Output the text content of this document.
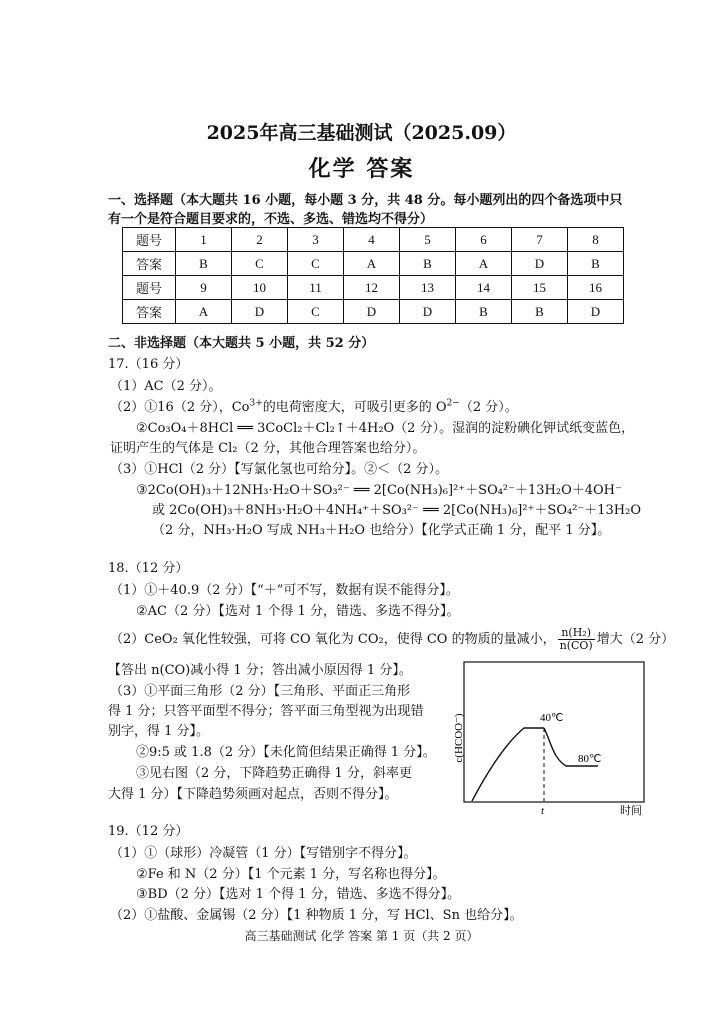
2025年高三基础测试（2025.09）
化学 答案
一、选择题（本大题共 16 小题，每小题 3 分，共 48 分。每小题列出的四个备选项中只
有一个是符合题目要求的，不选、多选、错选均不得分）
题号	1	2	3	4	5	6	7	8
答案	B	C	C	A	B	A	D	B
题号	9	10	11	12	13	14	15	16
答案	A	D	C	D	D	B	B	D
二、非选择题（本大题共 5 小题，共 52 分）
17.（16 分）
（1）AC（2 分）。
（2）①16（2 分），$Co^{3+}$的电荷密度大，可吸引更多的 $O^{2-}(2$ 分）。
②Co₃O₄＋8HCl ══ 3CoCl₂＋Cl₂↑＋4H₂O（2 分）。湿润的淀粉碘化钾试纸变蓝色，
证明产生的气体是 Cl₂（2 分，其他合理答案也给分）。
（3）①HCl（2 分）【写氯化氢也可给分】。②＜（2 分）。
③2Co(OH)₃＋12NH₃·H₂O＋SO₃²⁻ ══ 2[Co(NH₃)₆]²⁺＋SO₄²⁻＋13H₂O＋4OH⁻
或 2Co(OH)₃＋8NH₃·H₂O＋4NH₄⁺＋SO₃²⁻ ══ 2[Co(NH₃)₆]²⁺＋SO₄²⁻＋13H₂O
（2 分，NH₃·H₂O 写成 NH₃＋H₂O 也给分）【化学式正确 1 分，配平 1 分】。
18.（12 分）
（1）①＋40.9（2 分）【“＋”可不写，数据有误不能得分】。
②AC（2 分）【选对 1 个得 1 分，错选、多选不得分】。
（2）CeO₂ 氧化性较强，可将 CO 氧化为 CO₂，使得 CO 的物质的量减小， $\frac{\text{n(H₂)}}{n(CO)}$ 增大（2 分）
【答出 n(CO)减小得 1 分；答出减小原因得 1 分】。
（3）①平面三角形（2 分）【三角形、平面正三角形
得 1 分；只答平面型不得分；答平面三角型视为出现错
别字，得 1 分】。
②9:5 或 1.8（2 分）【未化简但结果正确得 1 分】。
③见右图（2 分，下降趋势正确得 1 分，斜率更
大得 1 分）【下降趋势须画对起点，否则不得分】。
c(HCOO⁻)	40℃
80℃
t	时间
19.（12 分）
（1）①（球形）冷凝管（1 分）【写错别字不得分】。
②Fe 和 N（2 分）【1 个元素 1 分，写名称也得分】。
③BD（2 分）【选对 1 个得 1 分，错选、多选不得分】。
（2）①盐酸、金属锡（2 分）【1 种物质 1 分，写 HCl、Sn 也给分】。
高三基础测试 化学 答案 第 1 页（共 2 页）
